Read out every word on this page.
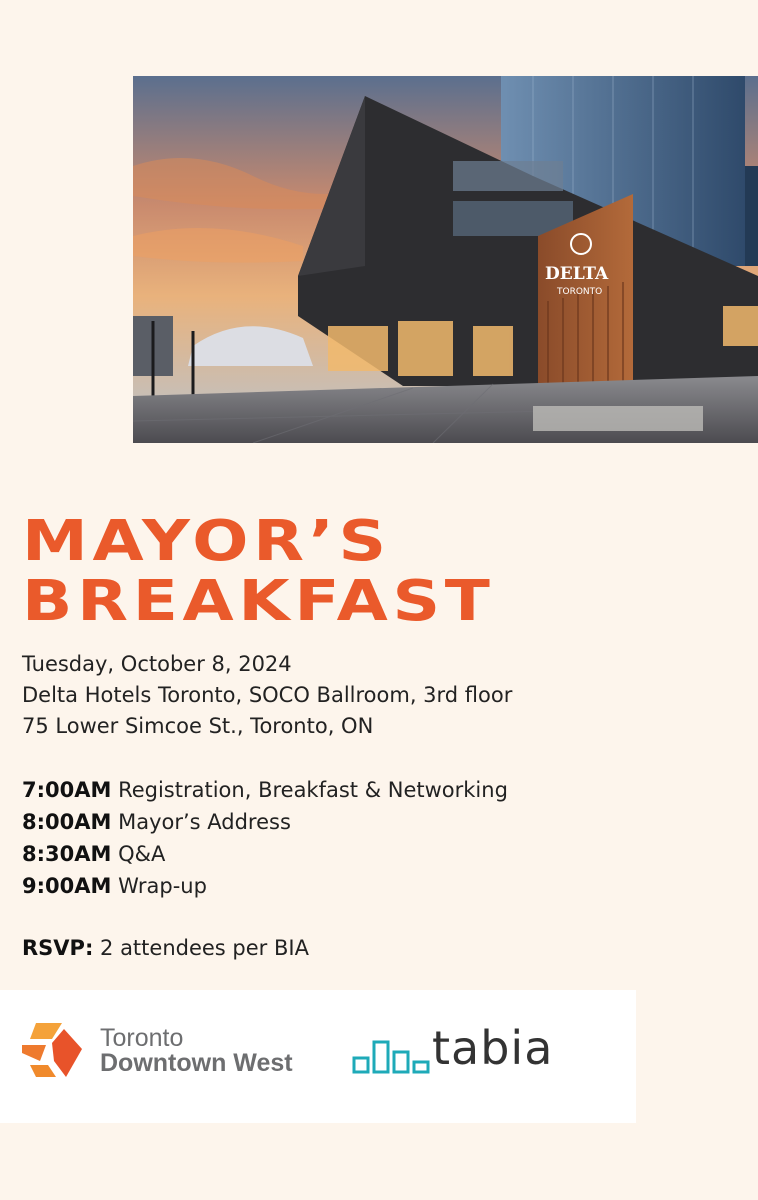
DELTA
TORONTO
MAYOR’S
BREAKFAST
Tuesday, October 8, 2024
Delta Hotels Toronto, SOCO Ballroom, 3rd floor
75 Lower Simcoe St., Toronto, ON
7:00AM Registration, Breakfast & Networking
8:00AM Mayor’s Address
8:30AM Q&A
9:00AM Wrap-up
RSVP: 2 attendees per BIA
Toronto
Downtown West	tabia
